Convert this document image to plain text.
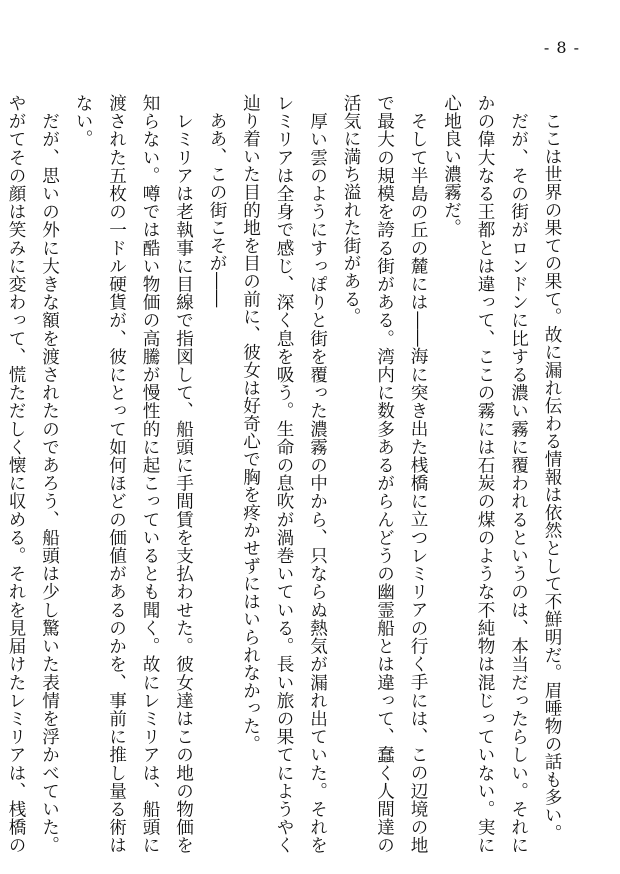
- 8 -

　ここは世界の果ての果て。故に漏れ伝わる情報は依然として不鮮明だ。眉唾物の話も多い。

　だが、その街がロンドンに比する濃い霧に覆われるというのは、本当だったらしい。それにかの偉大なる王都とは違って、ここの霧には石炭の煤のような不純物は混じっていない。実に心地良い濃霧だ。

　そして半島の丘の麓には――海に突き出た桟橋に立つレミリアの行く手には、この辺境の地で最大の規模を誇る街がある。湾内に数多あるがらんどうの幽霊船とは違って、蠢く人間達の活気に満ち溢れた街がある。

　厚い雲のようにすっぽりと街を覆った濃霧の中から、只ならぬ熱気が漏れ出ていた。それをレミリアは全身で感じ、深く息を吸う。生命の息吹が渦巻いている。長い旅の果てにようやく辿り着いた目的地を目の前に、彼女は好奇心で胸を疼かせずにはいられなかった。

　ああ、この街こそが――

　レミリアは老執事に目線で指図して、船頭に手間賃を支払わせた。彼女達はこの地の物価を知らない。噂では酷い物価の高騰が慢性的に起こっているとも聞く。故にレミリアは、船頭に渡された五枚の一ドル硬貨が、彼にとって如何ほどの価値があるのかを、事前に推し量る術はない。

　だが、思いの外に大きな額を渡されたのであろう、船頭は少し驚いた表情を浮かべていた。やがてその顔は笑みに変わって、慌ただしく懐に収める。それを見届けたレミリアは、桟橋の
